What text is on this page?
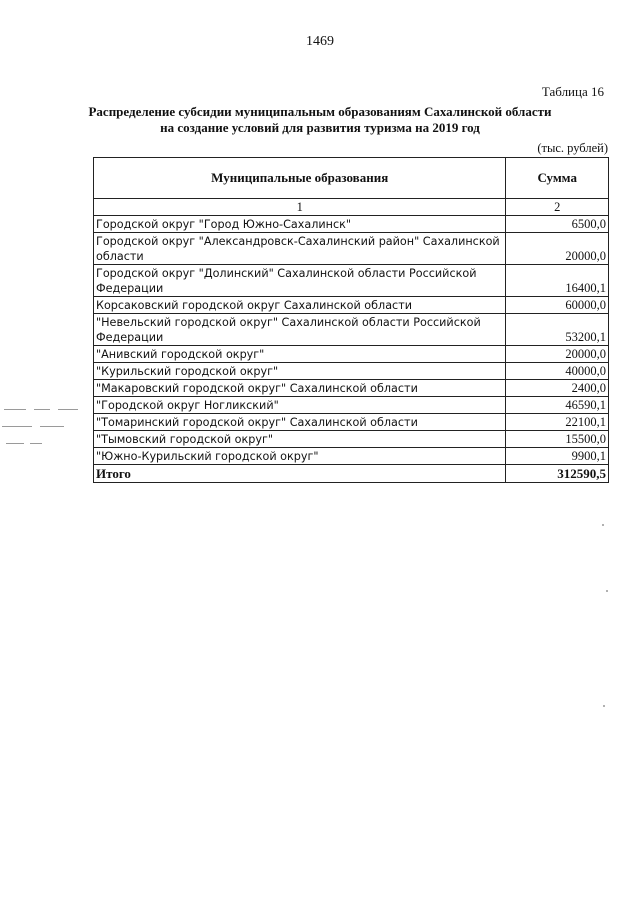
1469
Таблица 16
Распределение субсидии муниципальным образованиям Сахалинской области
на создание условий для развития туризма на 2019 год
(тыс. рублей)
Муниципальные образования	Сумма
1	2
Городской округ "Город Южно-Сахалинск"	6500,0
Городской округ "Александровск-Сахалинский район" Сахалинской области	20000,0
Городской округ "Долинский" Сахалинской области Российской Федерации	16400,1
Корсаковский городской округ Сахалинской области	60000,0
"Невельский городской округ" Сахалинской области Российской Федерации	53200,1
"Анивский городской округ"	20000,0
"Курильский городской округ"	40000,0
"Макаровский городской округ" Сахалинской области	2400,0
"Городской округ Ногликский"	46590,1
"Томаринский городской округ" Сахалинской области	22100,1
"Тымовский городской округ"	15500,0
"Южно-Курильский городской округ"	9900,1
Итого	312590,5
